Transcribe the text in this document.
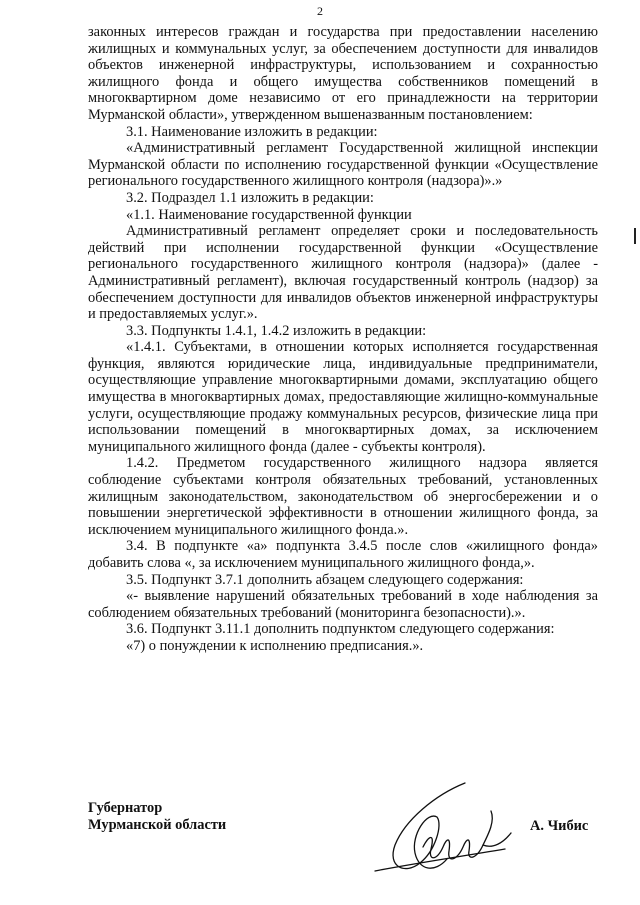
2

законных интересов граждан и государства при предоставлении населению жилищных и коммунальных услуг, за обеспечением доступности для инвалидов объектов инженерной инфраструктуры, использованием и сохранностью жилищного фонда и общего имущества собственников помещений в многоквартирном доме независимо от его принадлежности на территории Мурманской области», утвержденном вышеназванным постановлением:

3.1. Наименование изложить в редакции:

«Административный регламент Государственной жилищной инспекции Мурманской области по исполнению государственной функции «Осуществление регионального государственного жилищного контроля (надзора)».»

3.2. Подраздел 1.1 изложить в редакции:

«1.1. Наименование государственной функции

Административный регламент определяет сроки и последовательность действий при исполнении государственной функции «Осуществление регионального государственного жилищного контроля (надзора)» (далее - Административный регламент), включая государственный контроль (надзор) за обеспечением доступности для инвалидов объектов инженерной инфраструктуры и предоставляемых услуг.».

3.3. Подпункты 1.4.1, 1.4.2 изложить в редакции:

«1.4.1. Субъектами, в отношении которых исполняется государственная функция, являются юридические лица, индивидуальные предприниматели, осуществляющие управление многоквартирными домами, эксплуатацию общего имущества в многоквартирных домах, предоставляющие жилищно-коммунальные услуги, осуществляющие продажу коммунальных ресурсов, физические лица при использовании помещений в многоквартирных домах, за исключением муниципального жилищного фонда (далее - субъекты контроля).

1.4.2. Предметом государственного жилищного надзора является соблюдение субъектами контроля обязательных требований, установленных жилищным законодательством, законодательством об энергосбережении и о повышении энергетической эффективности в отношении жилищного фонда, за исключением муниципального жилищного фонда.».

3.4. В подпункте «а» подпункта 3.4.5 после слов «жилищного фонда» добавить слова «, за исключением муниципального жилищного фонда,».

3.5. Подпункт 3.7.1 дополнить абзацем следующего содержания:

«- выявление нарушений обязательных требований в ходе наблюдения за соблюдением обязательных требований (мониторинга безопасности).».

3.6. Подпункт 3.11.1 дополнить подпунктом следующего содержания:

«7) о понуждении к исполнению предписания.».

Губернатор
Мурманской области	А. Чибис
